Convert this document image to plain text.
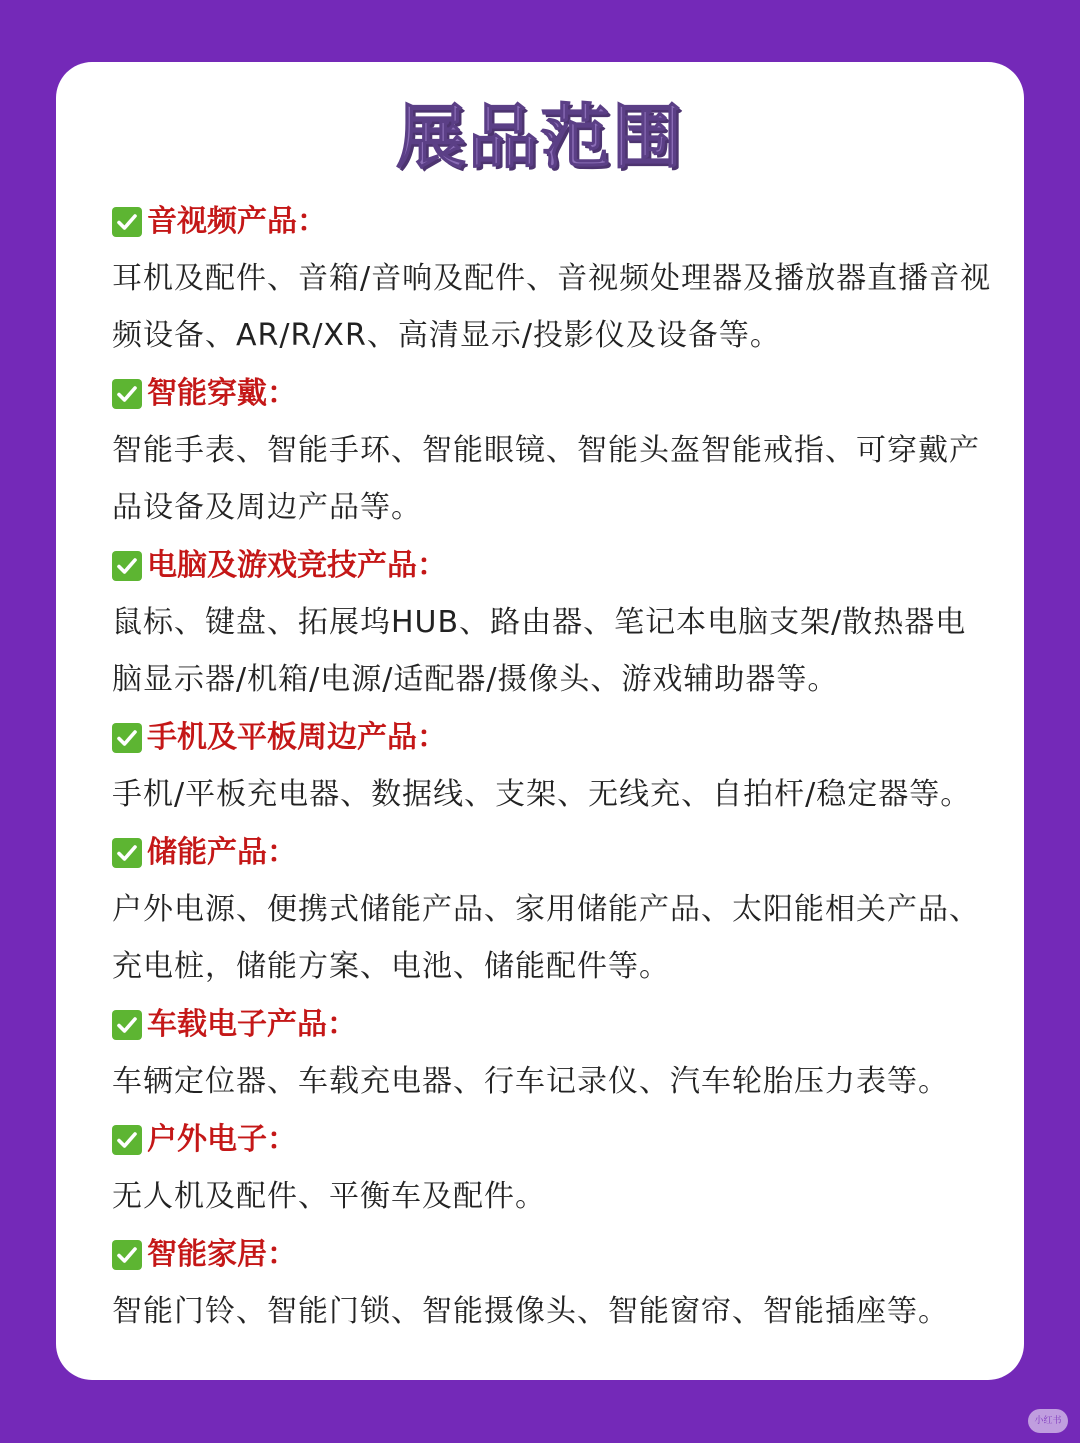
展品范围
音视频产品：
耳机及配件、音箱/音响及配件、音视频处理器及播放器直播音视频设备、AR/R/XR、高清显示/投影仪及设备等。
智能穿戴：
智能手表、智能手环、智能眼镜、智能头盔智能戒指、可穿戴产品设备及周边产品等。
电脑及游戏竞技产品：
鼠标、键盘、拓展坞HUB、路由器、笔记本电脑支架/散热器电脑显示器/机箱/电源/适配器/摄像头、游戏辅助器等。
手机及平板周边产品：
手机/平板充电器、数据线、支架、无线充、自拍杆/稳定器等。
储能产品：
户外电源、便携式储能产品、家用储能产品、太阳能相关产品、充电桩，储能方案、电池、储能配件等。
车载电子产品：
车辆定位器、车载充电器、行车记录仪、汽车轮胎压力表等。
户外电子：
无人机及配件、平衡车及配件。
智能家居：
智能门铃、智能门锁、智能摄像头、智能窗帘、智能插座等。
小红书
